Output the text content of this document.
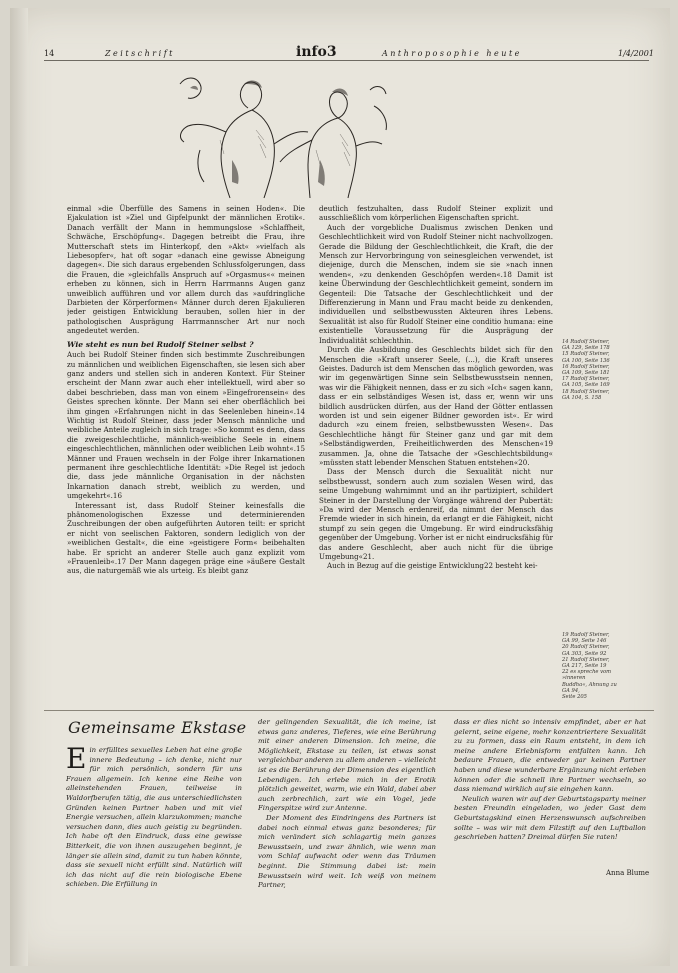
14	Zeitschrift	info3	Anthroposophie heute	1/4/2001

einmal »die Überfülle des Samens in seinen Hoden«. Die Ejakulation ist »Ziel und Gipfelpunkt der männlichen Erotik«. Danach verfällt der Mann in hemmungslose »Schlaffheit, Schwäche, Erschöpfung«. Dagegen betreibt die Frau, ihre Mutterschaft stets im Hinterkopf, den »Akt« »vielfach als Liebesopfer«, hat oft sogar »danach eine gewisse Abneigung dagegen«. Die sich daraus ergebenden Schlussfolgerungen, dass die Frauen, die »gleichfalls Anspruch auf »Orgasmus«« meinen erheben zu können, sich in Herrn Harrmanns Augen ganz unweiblich aufführen und vor allem durch das »aufdringliche Darbieten der Körperformen« Männer durch deren Ejakulieren jeder geistigen Entwicklung berauben, sollen hier in der pathologischen Ausprägung Harrmannscher Art nur noch angedeutet werden.

Wie steht es nun bei Rudolf Steiner selbst ?

Auch bei Rudolf Steiner finden sich bestimmte Zuschreibungen zu männlichen und weiblichen Eigenschaften, sie lesen sich aber ganz anders und stellen sich in anderen Kontext. Für Steiner erscheint der Mann zwar auch eher intellektuell, wird aber so dabei beschrieben, dass man von einem »Eingefrorensein« des Geistes sprechen könnte. Der Mann sei eher oberflächlich bei ihm gingen »Erfahrungen nicht in das Seelenleben hinein«.14 Wichtig ist Rudolf Steiner, dass jeder Mensch männliche und weibliche Anteile zugleich in sich trage: »So kommt es denn, dass die zweigeschlechtliche, männlich-weibliche Seele in einem eingeschlechtlichen, männlichen oder weiblichen Leib wohnt«.15 Männer und Frauen wechseln in der Folge ihrer Inkarnationen permanent ihre geschlechtliche Identität: »Die Regel ist jedoch die, dass jede männliche Organisation in der nächsten Inkarnation danach strebt, weiblich zu werden, und umgekehrt«.16

Interessant ist, dass Rudolf Steiner keinesfalls die phänomenologischen Exzesse und determinierenden Zuschreibungen der oben aufgeführten Autoren teilt: er spricht er nicht von seelischen Faktoren, sondern lediglich von der »weiblichen Gestalt«, die eine »geistigere Form« beibehalten habe. Er spricht an anderer Stelle auch ganz explizit vom »Frauenleib«.17 Der Mann dagegen präge eine »äußere Gestalt aus, die naturgemäß wie als urteig. Es bleibt ganz

deutlich festzuhalten, dass Rudolf Steiner explizit und ausschließlich vom körperlichen Eigenschaften spricht.

Auch der vorgebliche Dualismus zwischen Denken und Geschlechtlichkeit wird von Rudolf Steiner nicht nachvollzogen. Gerade die Bildung der Geschlechtlichkeit, die Kraft, die der Mensch zur Hervorbringung von seinesgleichen verwendet, ist diejenige, durch die Menschen, indem sie sie »nach innen wenden«, »zu denkenden Geschöpfen werden«.18 Damit ist keine Überwindung der Geschlechtlichkeit gemeint, sondern im Gegenteil: Die Tatsache der Geschlechtlichkeit und der Differenzierung in Mann und Frau macht beide zu denkenden, individuellen und selbstbewussten Akteuren ihres Lebens. Sexualität ist also für Rudolf Steiner eine conditio humana: eine existentielle Voraussetzung für die Ausprägung der Individualität schlechthin.

Durch die Ausbildung des Geschlechts bildet sich für den Menschen die »Kraft unserer Seele, (...), die Kraft unseres Geistes. Dadurch ist dem Menschen das möglich geworden, was wir im gegenwärtigen Sinne sein Selbstbewusstsein nennen, was wir die Fähigkeit nennen, dass er zu sich »Ich« sagen kann, dass er ein selbständiges Wesen ist, dass er, wenn wir uns bildlich ausdrücken dürfen, aus der Hand der Götter entlassen worden ist und sein eigener Bildner geworden ist«. Er wird dadurch »zu einem freien, selbstbewussten Wesen«. Das Geschlechtliche hängt für Steiner ganz und gar mit dem »Selbständigwerden, Freiheitlichwerden des Menschen«19 zusammen. Ja, ohne die Tatsache der »Geschlechtsbildung« »müssten statt lebender Menschen Statuen entstehen«20.

Dass der Mensch durch die Sexualität nicht nur selbstbewusst, sondern auch zum sozialen Wesen wird, das seine Umgebung wahrnimmt und an ihr partizipiert, schildert Steiner in der Darstellung der Vorgänge während der Pubertät: »Da wird der Mensch erdenreif, da nimmt der Mensch das Fremde wieder in sich hinein, da erlangt er die Fähigkeit, nicht stumpf zu sein gegen die Umgebung. Er wird eindrucksfähig gegenüber der Umgebung. Vorher ist er nicht eindrucksfähig für das andere Geschlecht, aber auch nicht für die übrige Umgebung«21.

Auch in Bezug auf die geistige Entwicklung22 besteht kei-

14 Rudolf Steiner,
GA 129, Seite 178
15 Rudolf Steiner,
GA 100, Seite 136
16 Rudolf Steiner,
GA 109, Seite 181
17 Rudolf Steiner,
GA 105, Seite 169
18 Rudolf Steiner,
GA 104, S. 158
19 Rudolf Steiner,
GA 99, Seite 146
20 Rudolf Steiner,
GA 303, Seite 92
21 Rudolf Steiner,
GA 217, Seite 19
22 es spreche vom »inneren
Buddha«, Ahnung zu GA 94,
Seite 205
Gemeinsame Ekstase

Ein erfülltes sexuelles Leben hat eine große innere Bedeutung – ich denke, nicht nur für mich persönlich, sondern für uns Frauen allgemein. Ich kenne eine Reihe von alleinstehenden Frauen, teilweise in Waldorfberufen tätig, die aus unterschiedlichsten Gründen keinen Partner haben und mit viel Energie versuchen, allein klarzukommen; manche versuchen dann, dies auch geistig zu begründen. Ich habe oft den Eindruck, dass eine gewisse Bitterkeit, die von ihnen auszugehen beginnt, je länger sie allein sind, damit zu tun haben könnte, dass sie sexuell nicht erfüllt sind. Natürlich will ich das nicht auf die rein biologische Ebene schieben. Die Erfüllung in

der gelingenden Sexualität, die ich meine, ist etwas ganz anderes, Tieferes, wie eine Berührung mit einer anderen Dimension. Ich meine, die Möglichkeit, Ekstase zu teilen, ist etwas sonst vergleichbar anderen zu allem anderen – vielleicht ist es die Berührung der Dimension des eigentlich Lebendigen. Ich erlebe mich in der Erotik plötzlich geweitet, warm, wie ein Wald, dabei aber auch zerbrechlich, zart wie ein Vogel, jede Fingerspitze wird zur Antenne.

Der Moment des Eindringens des Partners ist dabei noch einmal etwas ganz besonderes; für mich verändert sich schlagartig mein ganzes Bewusstsein, und zwar ähnlich, wie wenn man vom Schlaf aufwacht oder wenn das Träumen beginnt. Die Stimmung dabei ist: mein Bewusstsein wird weit. Ich weiß von meinem Partner,

dass er dies nicht so intensiv empfindet, aber er hat gelernt, seine eigene, mehr konzentriertere Sexualität zu zu formen, dass ein Raum entsteht, in dem ich meine andere Erlebnisform entfalten kann. Ich bedaure Frauen, die entweder gar keinen Partner haben und diese wunderbare Ergänzung nicht erleben können oder die schnell ihre Partner wechseln, so dass niemand wirklich auf sie eingehen kann.

Neulich waren wir auf der Geburtstagsparty meiner besten Freundin eingeladen, wo jeder Gast dem Geburtstagskind einen Herzenswunsch aufschreiben sollte – was wir mit dem Filzstift auf den Luftballon geschrieben hatten? Dreimal dürfen Sie raten!

Anna Blume
